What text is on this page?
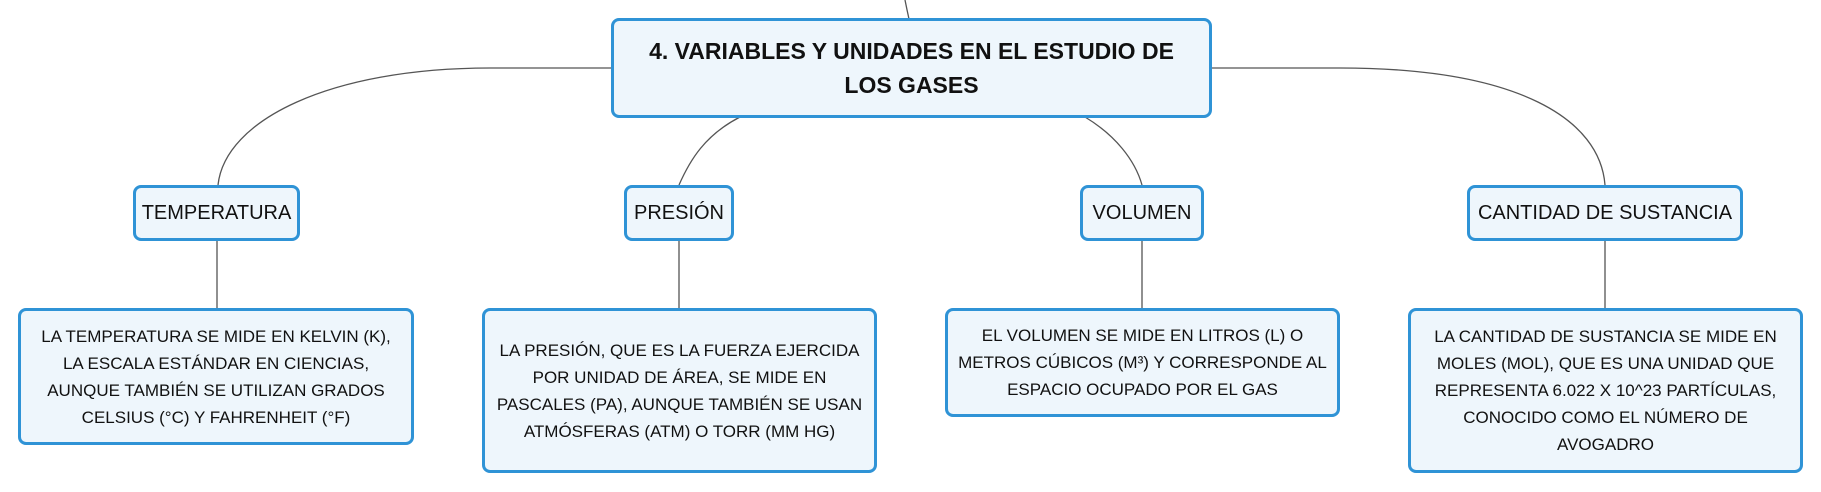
4. VARIABLES Y UNIDADES EN EL ESTUDIO DE LOS GASES
TEMPERATURA	PRESIÓN	VOLUMEN	CANTIDAD DE SUSTANCIA
LA TEMPERATURA SE MIDE EN KELVIN (K), LA ESCALA ESTÁNDAR EN CIENCIAS, AUNQUE TAMBIÉN SE UTILIZAN GRADOS CELSIUS (°C) Y FAHRENHEIT (°F)
LA PRESIÓN, QUE ES LA FUERZA EJERCIDA POR UNIDAD DE ÁREA, SE MIDE EN PASCALES (PA), AUNQUE TAMBIÉN SE USAN ATMÓSFERAS (ATM) O TORR (MM HG)
EL VOLUMEN SE MIDE EN LITROS (L) O METROS CÚBICOS (M³) Y CORRESPONDE AL ESPACIO OCUPADO POR EL GAS
LA CANTIDAD DE SUSTANCIA SE MIDE EN MOLES (MOL), QUE ES UNA UNIDAD QUE REPRESENTA 6.022 X 10^23 PARTÍCULAS, CONOCIDO COMO EL NÚMERO DE AVOGADRO
